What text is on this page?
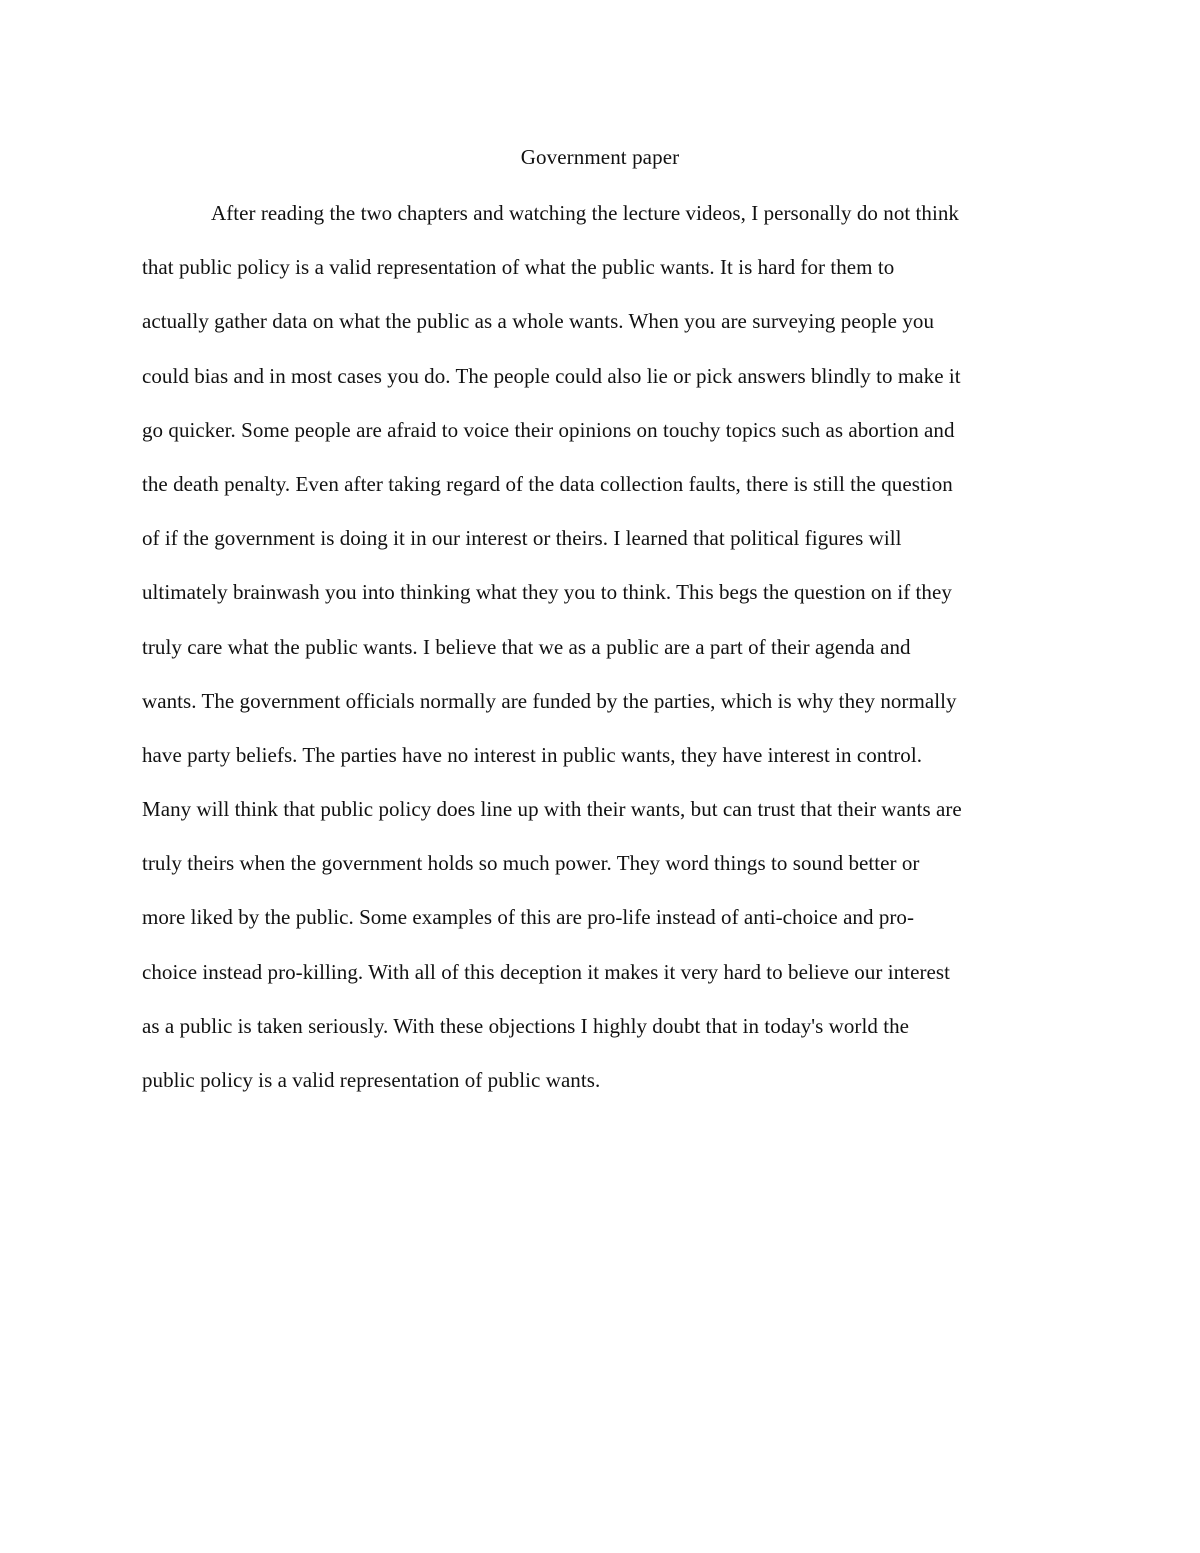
Government paper
After reading the two chapters and watching the lecture videos, I personally do not think
that public policy is a valid representation of what the public wants. It is hard for them to
actually gather data on what the public as a whole wants. When you are surveying people you
could bias and in most cases you do. The people could also lie or pick answers blindly to make it
go quicker. Some people are afraid to voice their opinions on touchy topics such as abortion and
the death penalty. Even after taking regard of the data collection faults, there is still the question
of if the government is doing it in our interest or theirs. I learned that political figures will
ultimately brainwash you into thinking what they you to think. This begs the question on if they
truly care what the public wants. I believe that we as a public are a part of their agenda and
wants. The government officials normally are funded by the parties, which is why they normally
have party beliefs. The parties have no interest in public wants, they have interest in control.
Many will think that public policy does line up with their wants, but can trust that their wants are
truly theirs when the government holds so much power. They word things to sound better or
more liked by the public. Some examples of this are pro-life instead of anti-choice and pro-
choice instead pro-killing. With all of this deception it makes it very hard to believe our interest
as a public is taken seriously. With these objections I highly doubt that in today's world the
public policy is a valid representation of public wants.
